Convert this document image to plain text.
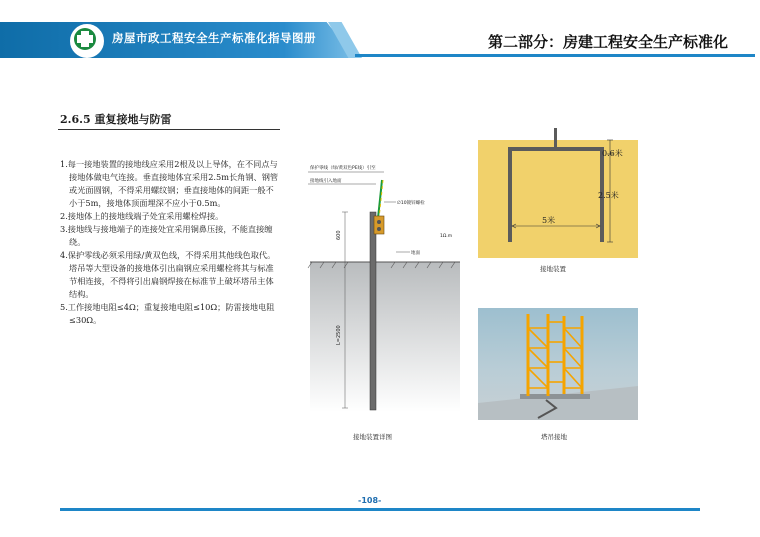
房屋市政工程安全生产标准化指导图册	第二部分：房建工程安全生产标准化
2.6.5 重复接地与防雷

1.每一接地装置的接地线应采用2根及以上导体，在不同点与接地体做电气连接。垂直接地体宜采用2.5m长角钢、钢管或光面圆钢，不得采用螺纹钢；垂直接地体的间距一般不小于5m，接地体顶面埋深不应小于0.5m。

2.接地体上的接地线端子处宜采用螺栓焊接。

3.接地线与接地端子的连接处宜采用铜鼻压接，不能直接缠绕。

4.保护零线必须采用绿/黄双色线，不得采用其他线色取代。塔吊等大型设备的接地体引出扁钢应采用螺栓将其与标准节相连接，不得将引出扁钢焊接在标准节上破坏塔吊主体结构。

5.工作接地电阻≤4Ω；重复接地电阻≤10Ω；防雷接地电阻≤30Ω。

保护零线（绿/黄双色PE线）引至
接地线引入地面
∅10镀锌螺栓
地面
600
L=2500
1Ω.m
接地装置详图
0.6米
2.5米
5米
接地装置
塔吊接地
-108-
